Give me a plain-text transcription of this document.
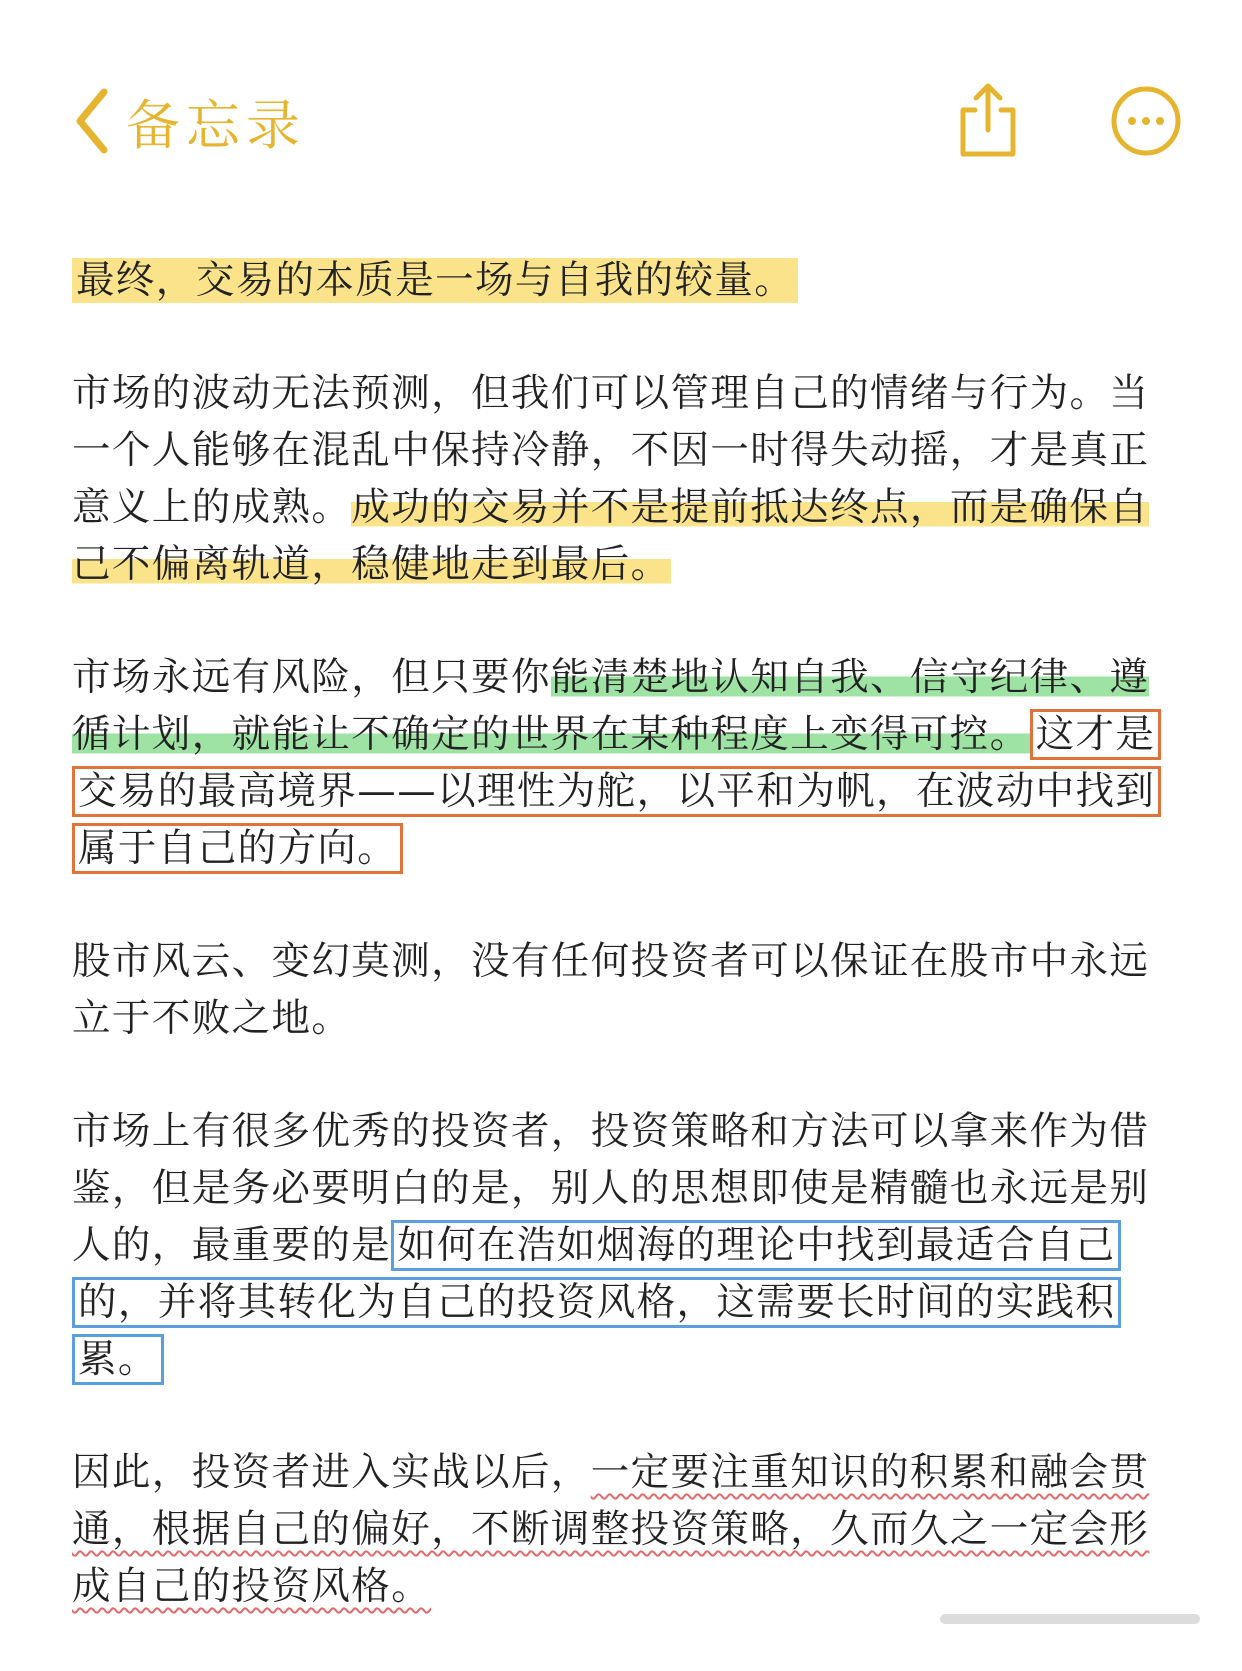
备忘录

最终，交易的本质是一场与自我的较量。

市场的波动无法预测，但我们可以管理自己的情绪与行为。当一个人能够在混乱中保持冷静，不因一时得失动摇，才是真正意义上的成熟。成功的交易并不是提前抵达终点，而是确保自己不偏离轨道，稳健地走到最后。

市场永远有风险，但只要你能清楚地认知自我、信守纪律、遵循计划，就能让不确定的世界在某种程度上变得可控。 这才是交易的最高境界——以理性为舵，以平和为帆，在波动中找到属于自己的方向。

股市风云、变幻莫测，没有任何投资者可以保证在股市中永远立于不败之地。

市场上有很多优秀的投资者，投资策略和方法可以拿来作为借鉴，但是务必要明白的是，别人的思想即使是精髓也永远是别人的，最重要的是 如何在浩如烟海的理论中找到最适合自己的，并将其转化为自己的投资风格，这需要长时间的实践积累。

因此，投资者进入实战以后，一定要注重知识的积累和融会贯通，根据自己的偏好，不断调整投资策略，久而久之一定会形成自己的投资风格。
